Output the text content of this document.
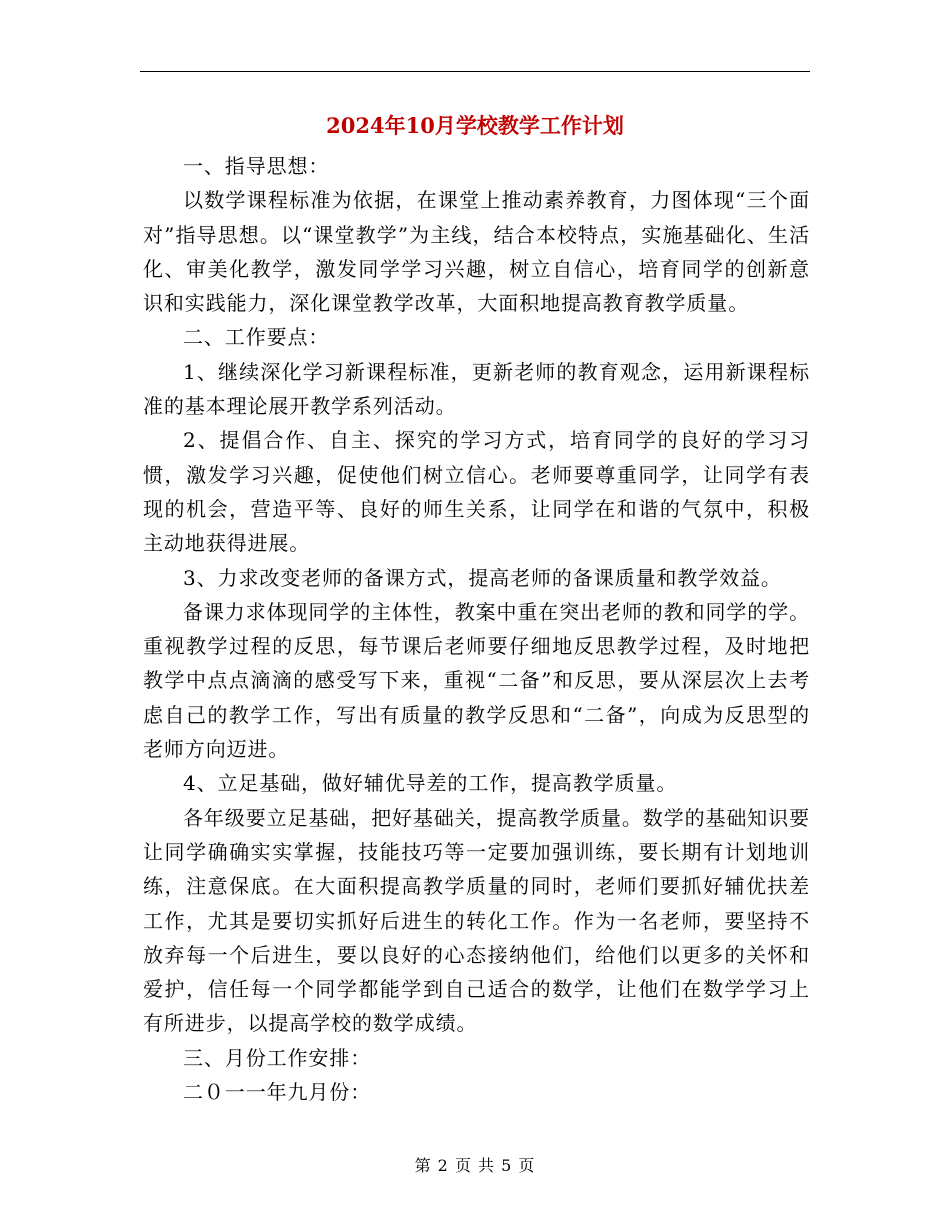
2024年10月学校教学工作计划

一、指导思想：

以数学课程标准为依据，在课堂上推动素养教育，力图体现“三个面对”指导思想。以“课堂教学”为主线，结合本校特点，实施基础化、生活化、审美化教学，激发同学学习兴趣，树立自信心，培育同学的创新意识和实践能力，深化课堂教学改革，大面积地提高教育教学质量。

二、工作要点：

1、继续深化学习新课程标准，更新老师的教育观念，运用新课程标准的基本理论展开教学系列活动。

2、提倡合作、自主、探究的学习方式，培育同学的良好的学习习惯，激发学习兴趣，促使他们树立信心。老师要尊重同学，让同学有表现的机会，营造平等、良好的师生关系，让同学在和谐的气氛中，积极主动地获得进展。

3、力求改变老师的备课方式，提高老师的备课质量和教学效益。

备课力求体现同学的主体性，教案中重在突出老师的教和同学的学。重视教学过程的反思，每节课后老师要仔细地反思教学过程，及时地把教学中点点滴滴的感受写下来，重视“二备”和反思，要从深层次上去考虑自己的教学工作，写出有质量的教学反思和“二备”，向成为反思型的老师方向迈进。

4、立足基础，做好辅优导差的工作，提高教学质量。

各年级要立足基础，把好基础关，提高教学质量。数学的基础知识要让同学确确实实掌握，技能技巧等一定要加强训练，要长期有计划地训练，注意保底。在大面积提高教学质量的同时，老师们要抓好辅优扶差工作，尤其是要切实抓好后进生的转化工作。作为一名老师，要坚持不放弃每一个后进生，要以良好的心态接纳他们，给他们以更多的关怀和爱护，信任每一个同学都能学到自己适合的数学，让他们在数学学习上有所进步，以提高学校的数学成绩。

三、月份工作安排：

二０一一年九月份：

第 2 页 共 5 页
